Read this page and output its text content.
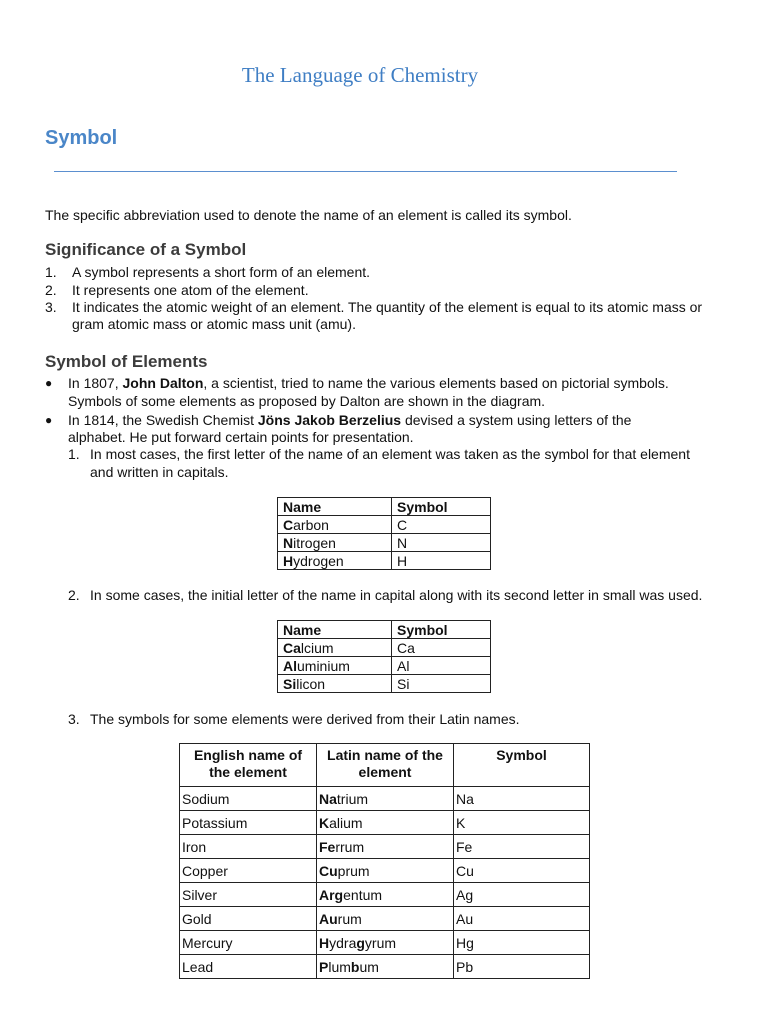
The Language of Chemistry
Symbol
The specific abbreviation used to denote the name of an element is called its symbol.
Significance of a Symbol
1. A symbol represents a short form of an element.
2. It represents one atom of the element.
3. It indicates the atomic weight of an element. The quantity of the element is equal to its atomic mass or
gram atomic mass or atomic mass unit (amu).
Symbol of Elements
● In 1807, John Dalton, a scientist, tried to name the various elements based on pictorial symbols.
Symbols of some elements as proposed by Dalton are shown in the diagram.
● In 1814, the Swedish Chemist Jöns Jakob Berzelius devised a system using letters of the
alphabet. He put forward certain points for presentation.
1. In most cases, the first letter of the name of an element was taken as the symbol for that element
and written in capitals.
Name	Symbol
Carbon	C
Nitrogen	N
Hydrogen	H
2. In some cases, the initial letter of the name in capital along with its second letter in small was used.
Name	Symbol
Calcium	Ca
Aluminium	Al
Silicon	Si
3. The symbols for some elements were derived from their Latin names.
English name of the element	Latin name of the element	Symbol
Sodium	Natrium	Na
Potassium	Kalium	K
Iron	Ferrum	Fe
Copper	Cuprum	Cu
Silver	Argentum	Ag
Gold	Aurum	Au
Mercury	Hydragyrum	Hg
Lead	Plumbum	Pb
